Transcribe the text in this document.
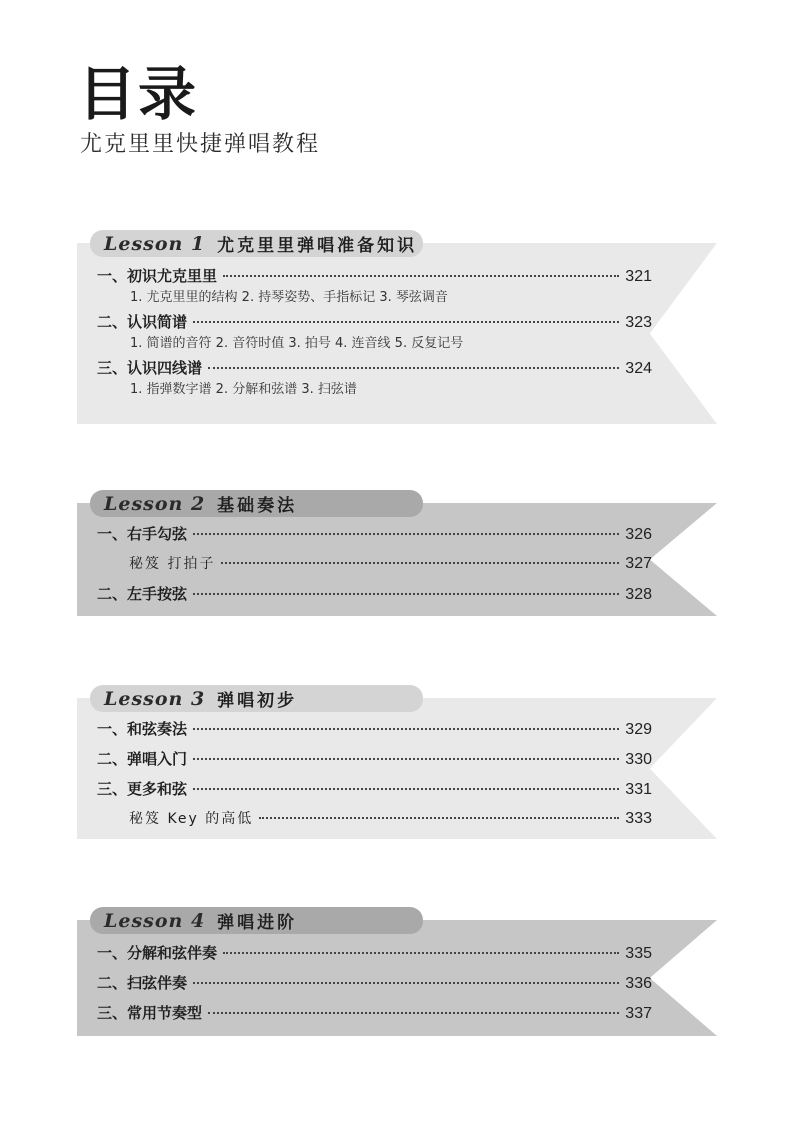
目录
尤克里里快捷弹唱教程
Lesson 1 尤克里里弹唱准备知识
一、初识尤克里里	321
1. 尤克里里的结构 2. 持琴姿势、手指标记 3. 琴弦调音
二、认识简谱	323
1. 简谱的音符 2. 音符时值 3. 拍号 4. 连音线 5. 反复记号
三、认识四线谱	324
1. 指弹数字谱 2. 分解和弦谱 3. 扫弦谱
Lesson 2 基础奏法
一、右手勾弦	326
秘笈 打拍子	327
二、左手按弦	328
Lesson 3 弹唱初步
一、和弦奏法	329
二、弹唱入门	330
三、更多和弦	331
秘笈 Key 的高低	333
Lesson 4 弹唱进阶
一、分解和弦伴奏	335
二、扫弦伴奏	336
三、常用节奏型	337
